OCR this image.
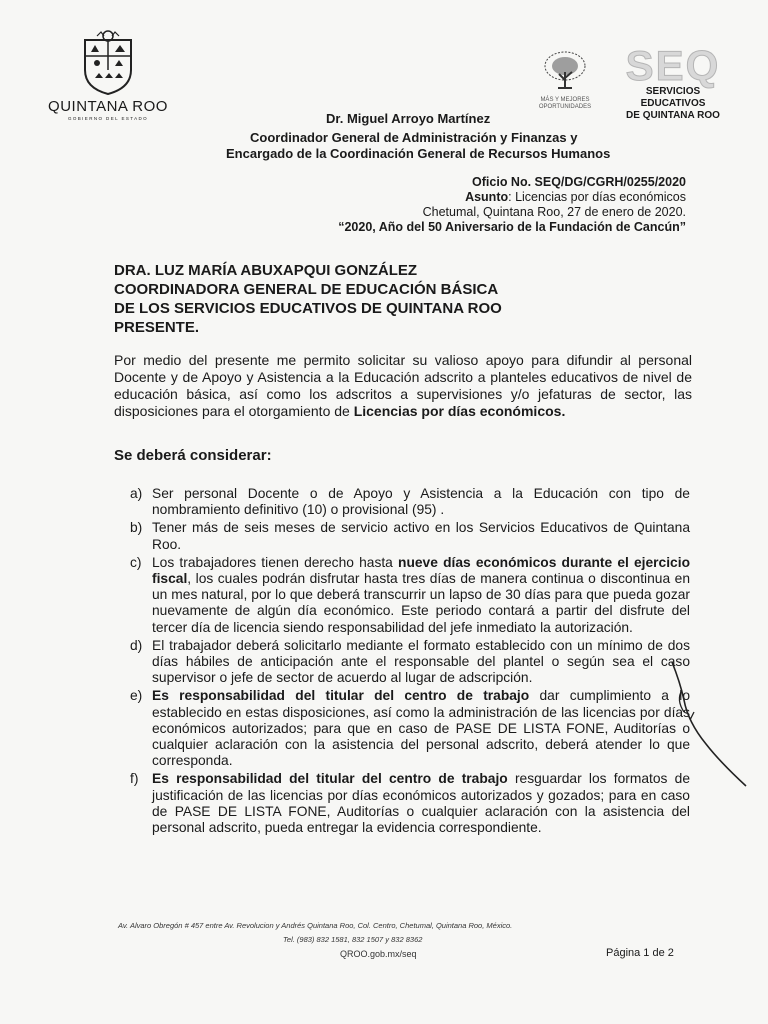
QUINTANA ROO
GOBIERNO DEL ESTADO
MÁS Y MEJORES
OPORTUNIDADES
SEQ
SERVICIOS EDUCATIVOS
DE QUINTANA ROO
Dr. Miguel Arroyo Martínez
Coordinador General de Administración y Finanzas y
Encargado de la Coordinación General de Recursos Humanos
Oficio No. SEQ/DG/CGRH/0255/2020
Asunto: Licencias por días económicos
Chetumal, Quintana Roo, 27 de enero de 2020.
“2020, Año del 50 Aniversario de la Fundación de Cancún”
DRA. LUZ MARÍA ABUXAPQUI GONZÁLEZ
COORDINADORA GENERAL DE EDUCACIÓN BÁSICA
DE LOS SERVICIOS EDUCATIVOS DE QUINTANA ROO
PRESENTE.
Por medio del presente me permito solicitar su valioso apoyo para difundir al personal Docente y de Apoyo y Asistencia a la Educación adscrito a planteles educativos de nivel de educación básica, así como los adscritos a supervisiones y/o jefaturas de sector, las disposiciones para el otorgamiento de Licencias por días económicos.
Se deberá considerar:
a) Ser personal Docente o de Apoyo y Asistencia a la Educación con tipo de nombramiento definitivo (10) o provisional (95) .
b) Tener más de seis meses de servicio activo en los Servicios Educativos de Quintana Roo.
c) Los trabajadores tienen derecho hasta nueve días económicos durante el ejercicio fiscal, los cuales podrán disfrutar hasta tres días de manera continua o discontinua en un mes natural, por lo que deberá transcurrir un lapso de 30 días para que pueda gozar nuevamente de algún día económico. Este periodo contará a partir del disfrute del tercer día de licencia siendo responsabilidad del jefe inmediato la autorización.
d) El trabajador deberá solicitarlo mediante el formato establecido con un mínimo de dos días hábiles de anticipación ante el responsable del plantel o según sea el caso supervisor o jefe de sector de acuerdo al lugar de adscripción.
e) Es responsabilidad del titular del centro de trabajo dar cumplimiento a lo establecido en estas disposiciones, así como la administración de las licencias por días económicos autorizados; para que en caso de PASE DE LISTA FONE, Auditorías o cualquier aclaración con la asistencia del personal adscrito, deberá atender lo que corresponda.
f) Es responsabilidad del titular del centro de trabajo resguardar los formatos de justificación de las licencias por días económicos autorizados y gozados; para en caso de PASE DE LISTA FONE, Auditorías o cualquier aclaración con la asistencia del personal adscrito, pueda entregar la evidencia correspondiente.
Av. Alvaro Obregón # 457 entre Av. Revolucion y Andrés Quintana Roo, Col. Centro, Chetumal, Quintana Roo, México.
Tel. (983) 832 1581, 832 1507 y 832 8362
QROO.gob.mx/seq	Página 1 de 2
